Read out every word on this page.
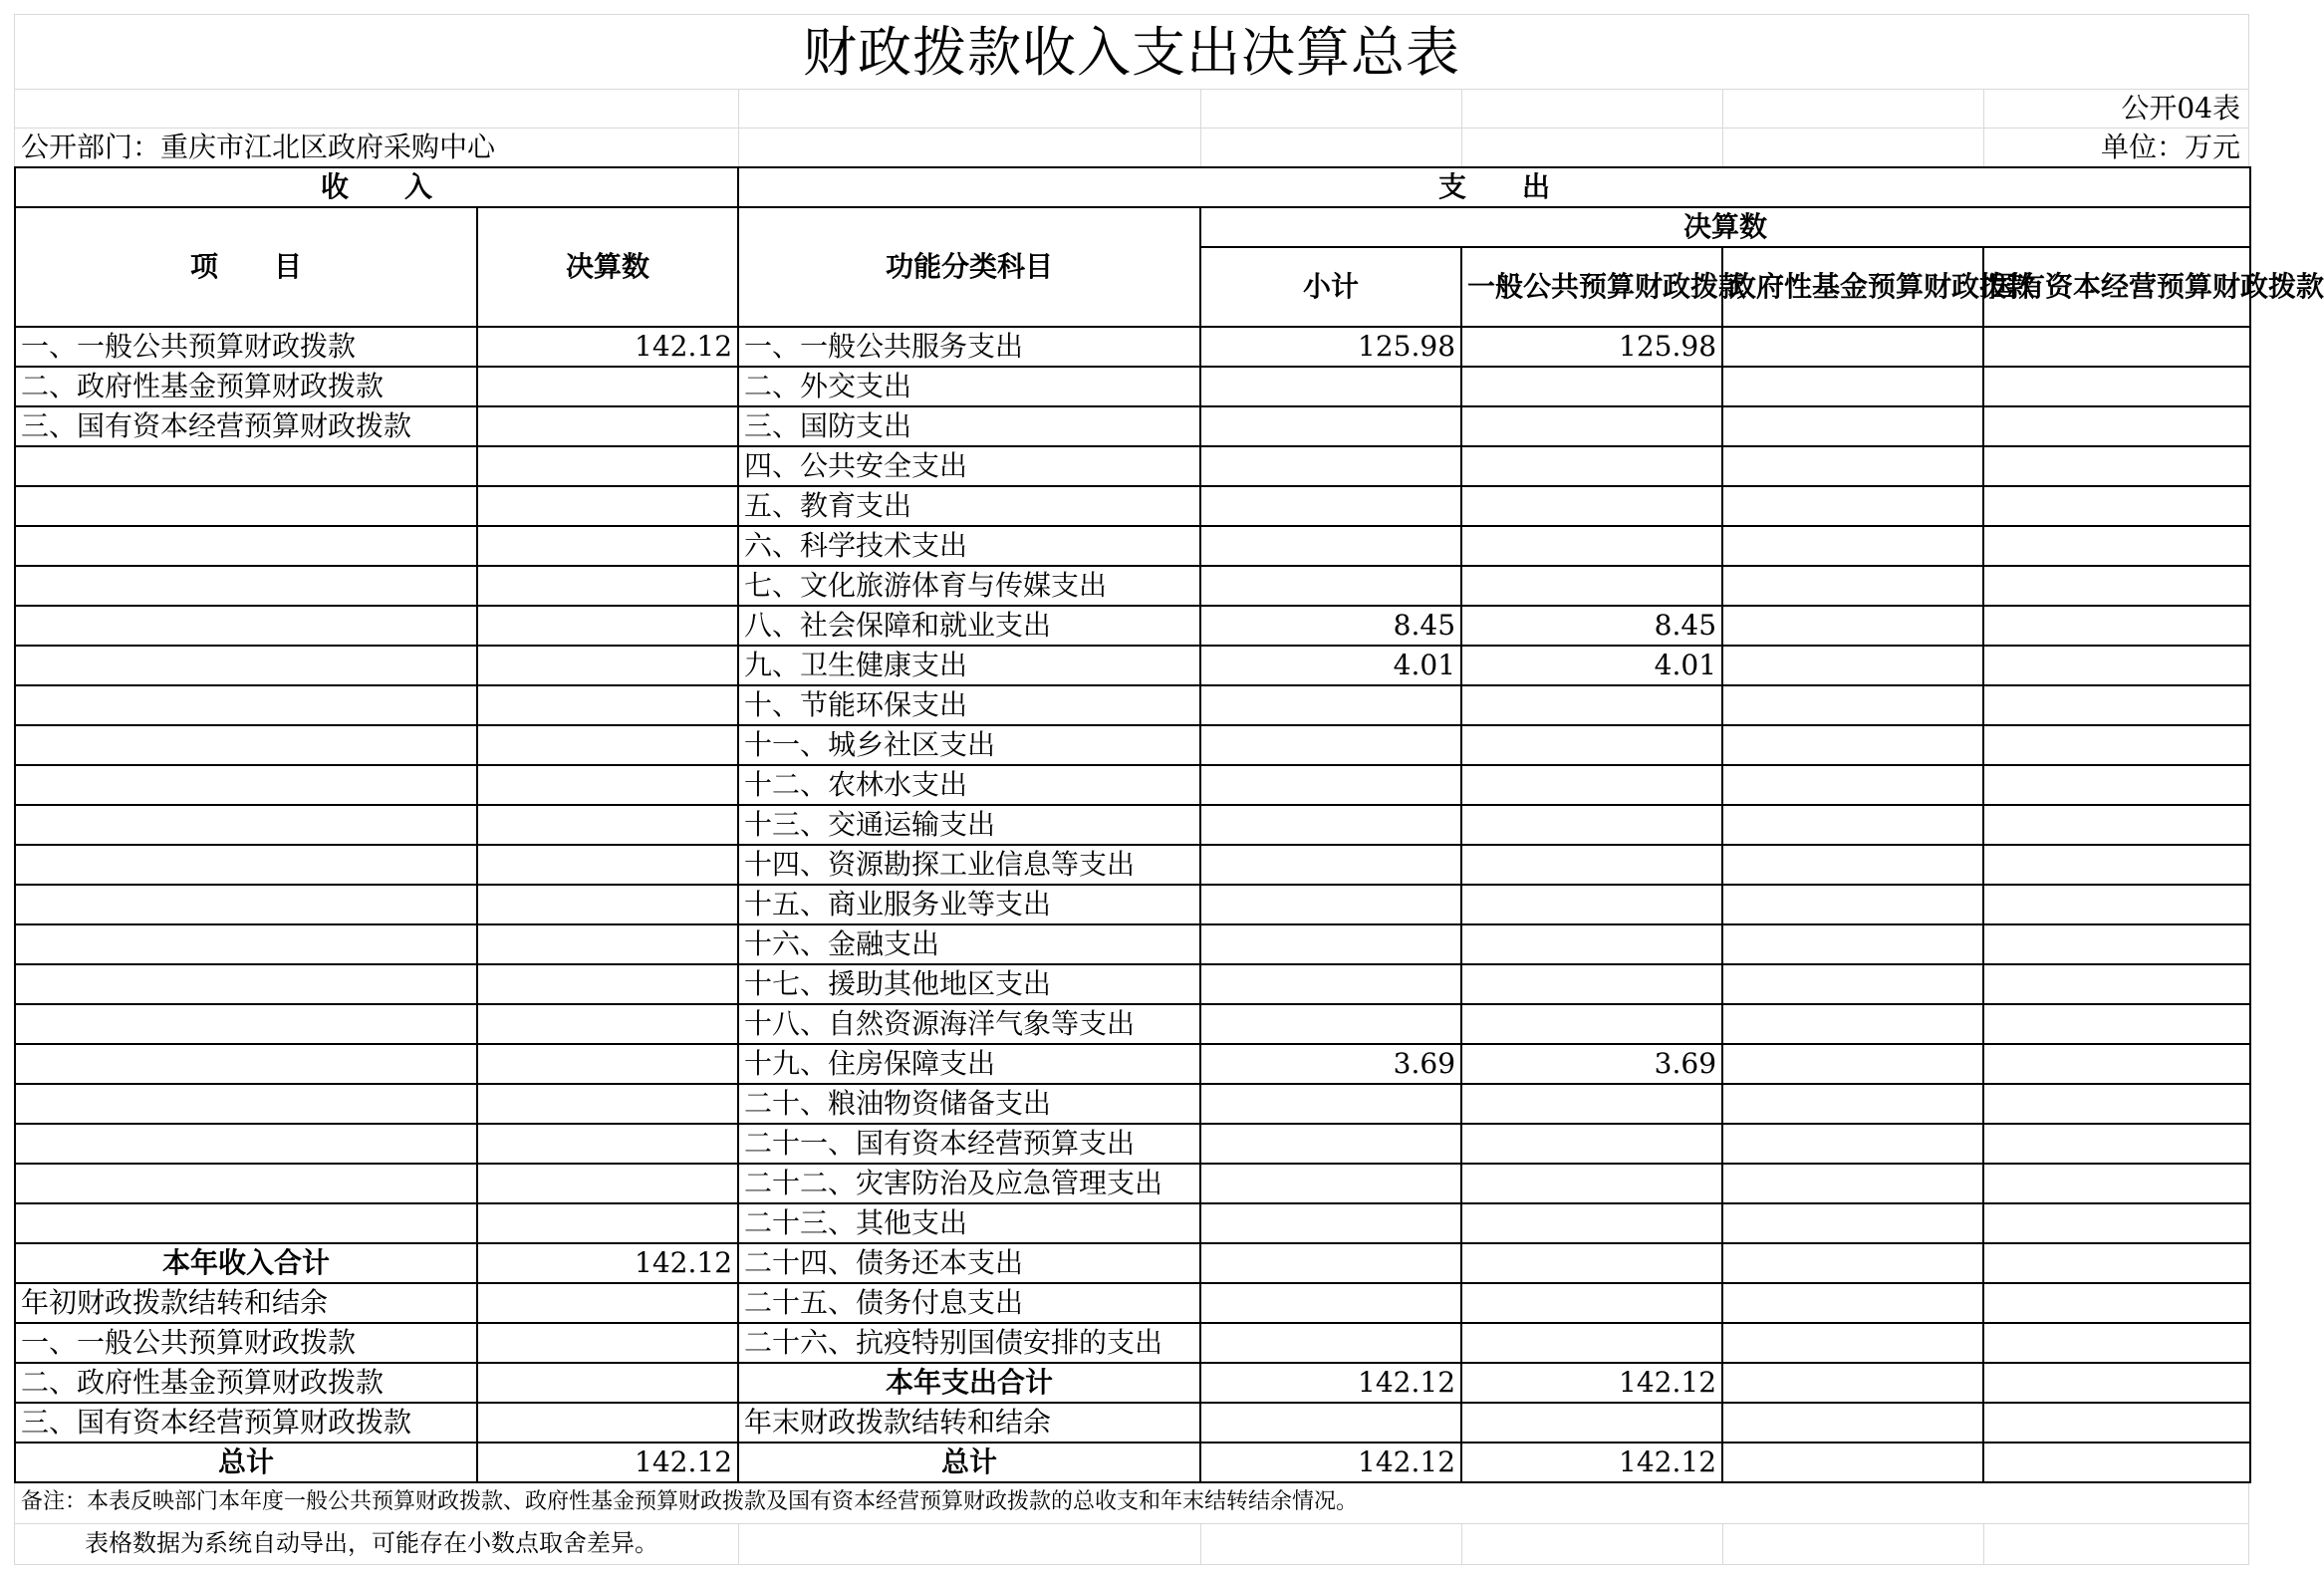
财政拨款收入支出决算总表
公开04表
公开部门：重庆市江北区政府采购中心	单位：万元
收　　入		支　　出				
项　　目	决算数	功能分类科目	决算数			
			小计	一般公共预算财政拨款	政府性基金预算财政拨款	国有资本经营预算财政拨款

一、一般公共预算财政拨款	142.12	一、一般公共服务支出	125.98	125.98		
二、政府性基金预算财政拨款		二、外交支出				
三、国有资本经营预算财政拨款		三、国防支出				
		四、公共安全支出				
		五、教育支出				
		六、科学技术支出				
		七、文化旅游体育与传媒支出				
		八、社会保障和就业支出	8.45	8.45		
		九、卫生健康支出	4.01	4.01		
		十、节能环保支出				
		十一、城乡社区支出				
		十二、农林水支出				
		十三、交通运输支出				
		十四、资源勘探工业信息等支出				
		十五、商业服务业等支出				
		十六、金融支出				
		十七、援助其他地区支出				
		十八、自然资源海洋气象等支出				
		十九、住房保障支出	3.69	3.69		
		二十、粮油物资储备支出				
		二十一、国有资本经营预算支出				
		二十二、灾害防治及应急管理支出				
		二十三、其他支出				
本年收入合计	142.12	二十四、债务还本支出				
年初财政拨款结转和结余		二十五、债务付息支出				
一、一般公共预算财政拨款		二十六、抗疫特别国债安排的支出				
二、政府性基金预算财政拨款		本年支出合计	142.12	142.12		
三、国有资本经营预算财政拨款		年末财政拨款结转和结余				
总计	142.12	总计	142.12	142.12		
备注：本表反映部门本年度一般公共预算财政拨款、政府性基金预算财政拨款及国有资本经营预算财政拨款的总收支和年末结转结余情况。
表格数据为系统自动导出，可能存在小数点取舍差异。
